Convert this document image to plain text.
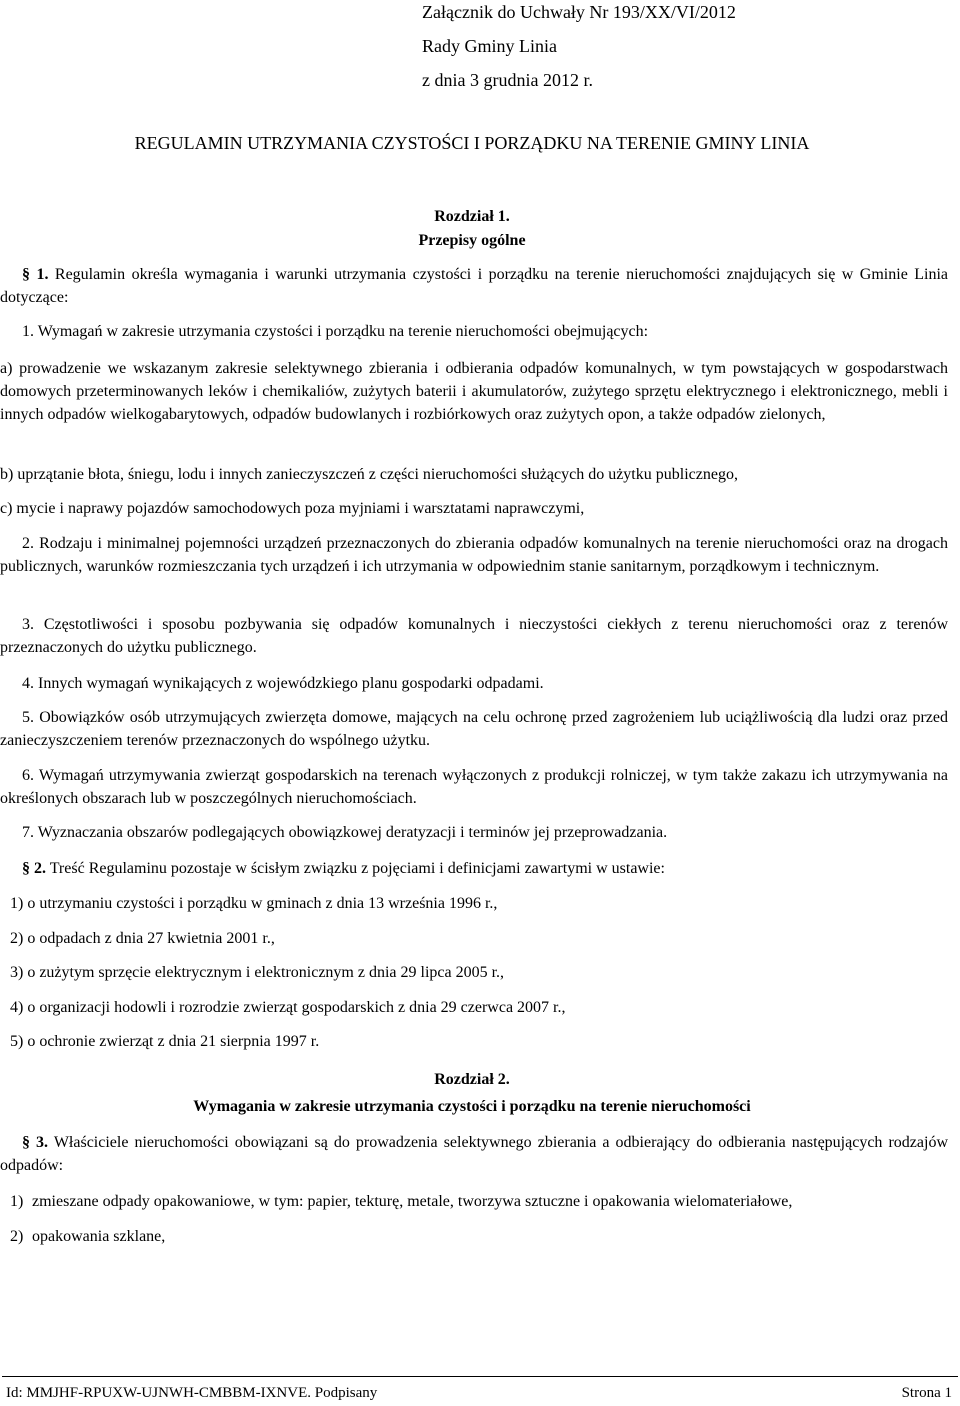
Załącznik do Uchwały Nr 193/XX/VI/2012
Rady Gminy Linia
z dnia 3 grudnia 2012 r.
REGULAMIN UTRZYMANIA CZYSTOŚCI I PORZĄDKU NA TERENIE GMINY LINIA
Rozdział 1.
Przepisy ogólne
§ 1. Regulamin określa wymagania i warunki utrzymania czystości i porządku na terenie nieruchomości znajdujących się w Gminie Linia dotyczące:
1. Wymagań w zakresie utrzymania czystości i porządku na terenie nieruchomości obejmujących:
a) prowadzenie we wskazanym zakresie selektywnego zbierania i odbierania odpadów komunalnych, w tym powstających w gospodarstwach domowych przeterminowanych leków i chemikaliów, zużytych baterii i akumulatorów, zużytego sprzętu elektrycznego i elektronicznego, mebli i innych odpadów wielkogabarytowych, odpadów budowlanych i rozbiórkowych oraz zużytych opon, a także odpadów zielonych,
b) uprzątanie błota, śniegu, lodu i innych zanieczyszczeń z części nieruchomości służących do użytku publicznego,
c) mycie i naprawy pojazdów samochodowych poza myjniami i warsztatami naprawczymi,
2. Rodzaju i minimalnej pojemności urządzeń przeznaczonych do zbierania odpadów komunalnych na terenie nieruchomości oraz na drogach publicznych, warunków rozmieszczania tych urządzeń i ich utrzymania w odpowiednim stanie sanitarnym, porządkowym i technicznym.
3. Częstotliwości i sposobu pozbywania się odpadów komunalnych i nieczystości ciekłych z terenu nieruchomości oraz z terenów przeznaczonych do użytku publicznego.
4. Innych wymagań wynikających z wojewódzkiego planu gospodarki odpadami.
5. Obowiązków osób utrzymujących zwierzęta domowe, mających na celu ochronę przed zagrożeniem lub uciążliwością dla ludzi oraz przed zanieczyszczeniem terenów przeznaczonych do wspólnego użytku.
6. Wymagań utrzymywania zwierząt gospodarskich na terenach wyłączonych z produkcji rolniczej, w tym także zakazu ich utrzymywania na określonych obszarach lub w poszczególnych nieruchomościach.
7. Wyznaczania obszarów podlegających obowiązkowej deratyzacji i terminów jej przeprowadzania.
§ 2. Treść Regulaminu pozostaje w ścisłym związku z pojęciami i definicjami zawartymi w ustawie:
1) o utrzymaniu czystości i porządku w gminach z dnia 13 września 1996 r.,
2) o odpadach z dnia 27 kwietnia 2001 r.,
3) o zużytym sprzęcie elektrycznym i elektronicznym z dnia 29 lipca 2005 r.,
4) o organizacji hodowli i rozrodzie zwierząt gospodarskich z dnia 29 czerwca 2007 r.,
5) o ochronie zwierząt z dnia 21 sierpnia 1997 r.
Rozdział 2.
Wymagania w zakresie utrzymania czystości i porządku na terenie nieruchomości
§ 3. Właściciele nieruchomości obowiązani są do prowadzenia selektywnego zbierania a odbierający do odbierania następujących rodzajów odpadów:
1) zmieszane odpady opakowaniowe, w tym: papier, tekturę, metale, tworzywa sztuczne i opakowania wielomateriałowe,
2) opakowania szklane,
Id: MMJHF-RPUXW-UJNWH-CMBBM-IXNVE. Podpisany	Strona 1
